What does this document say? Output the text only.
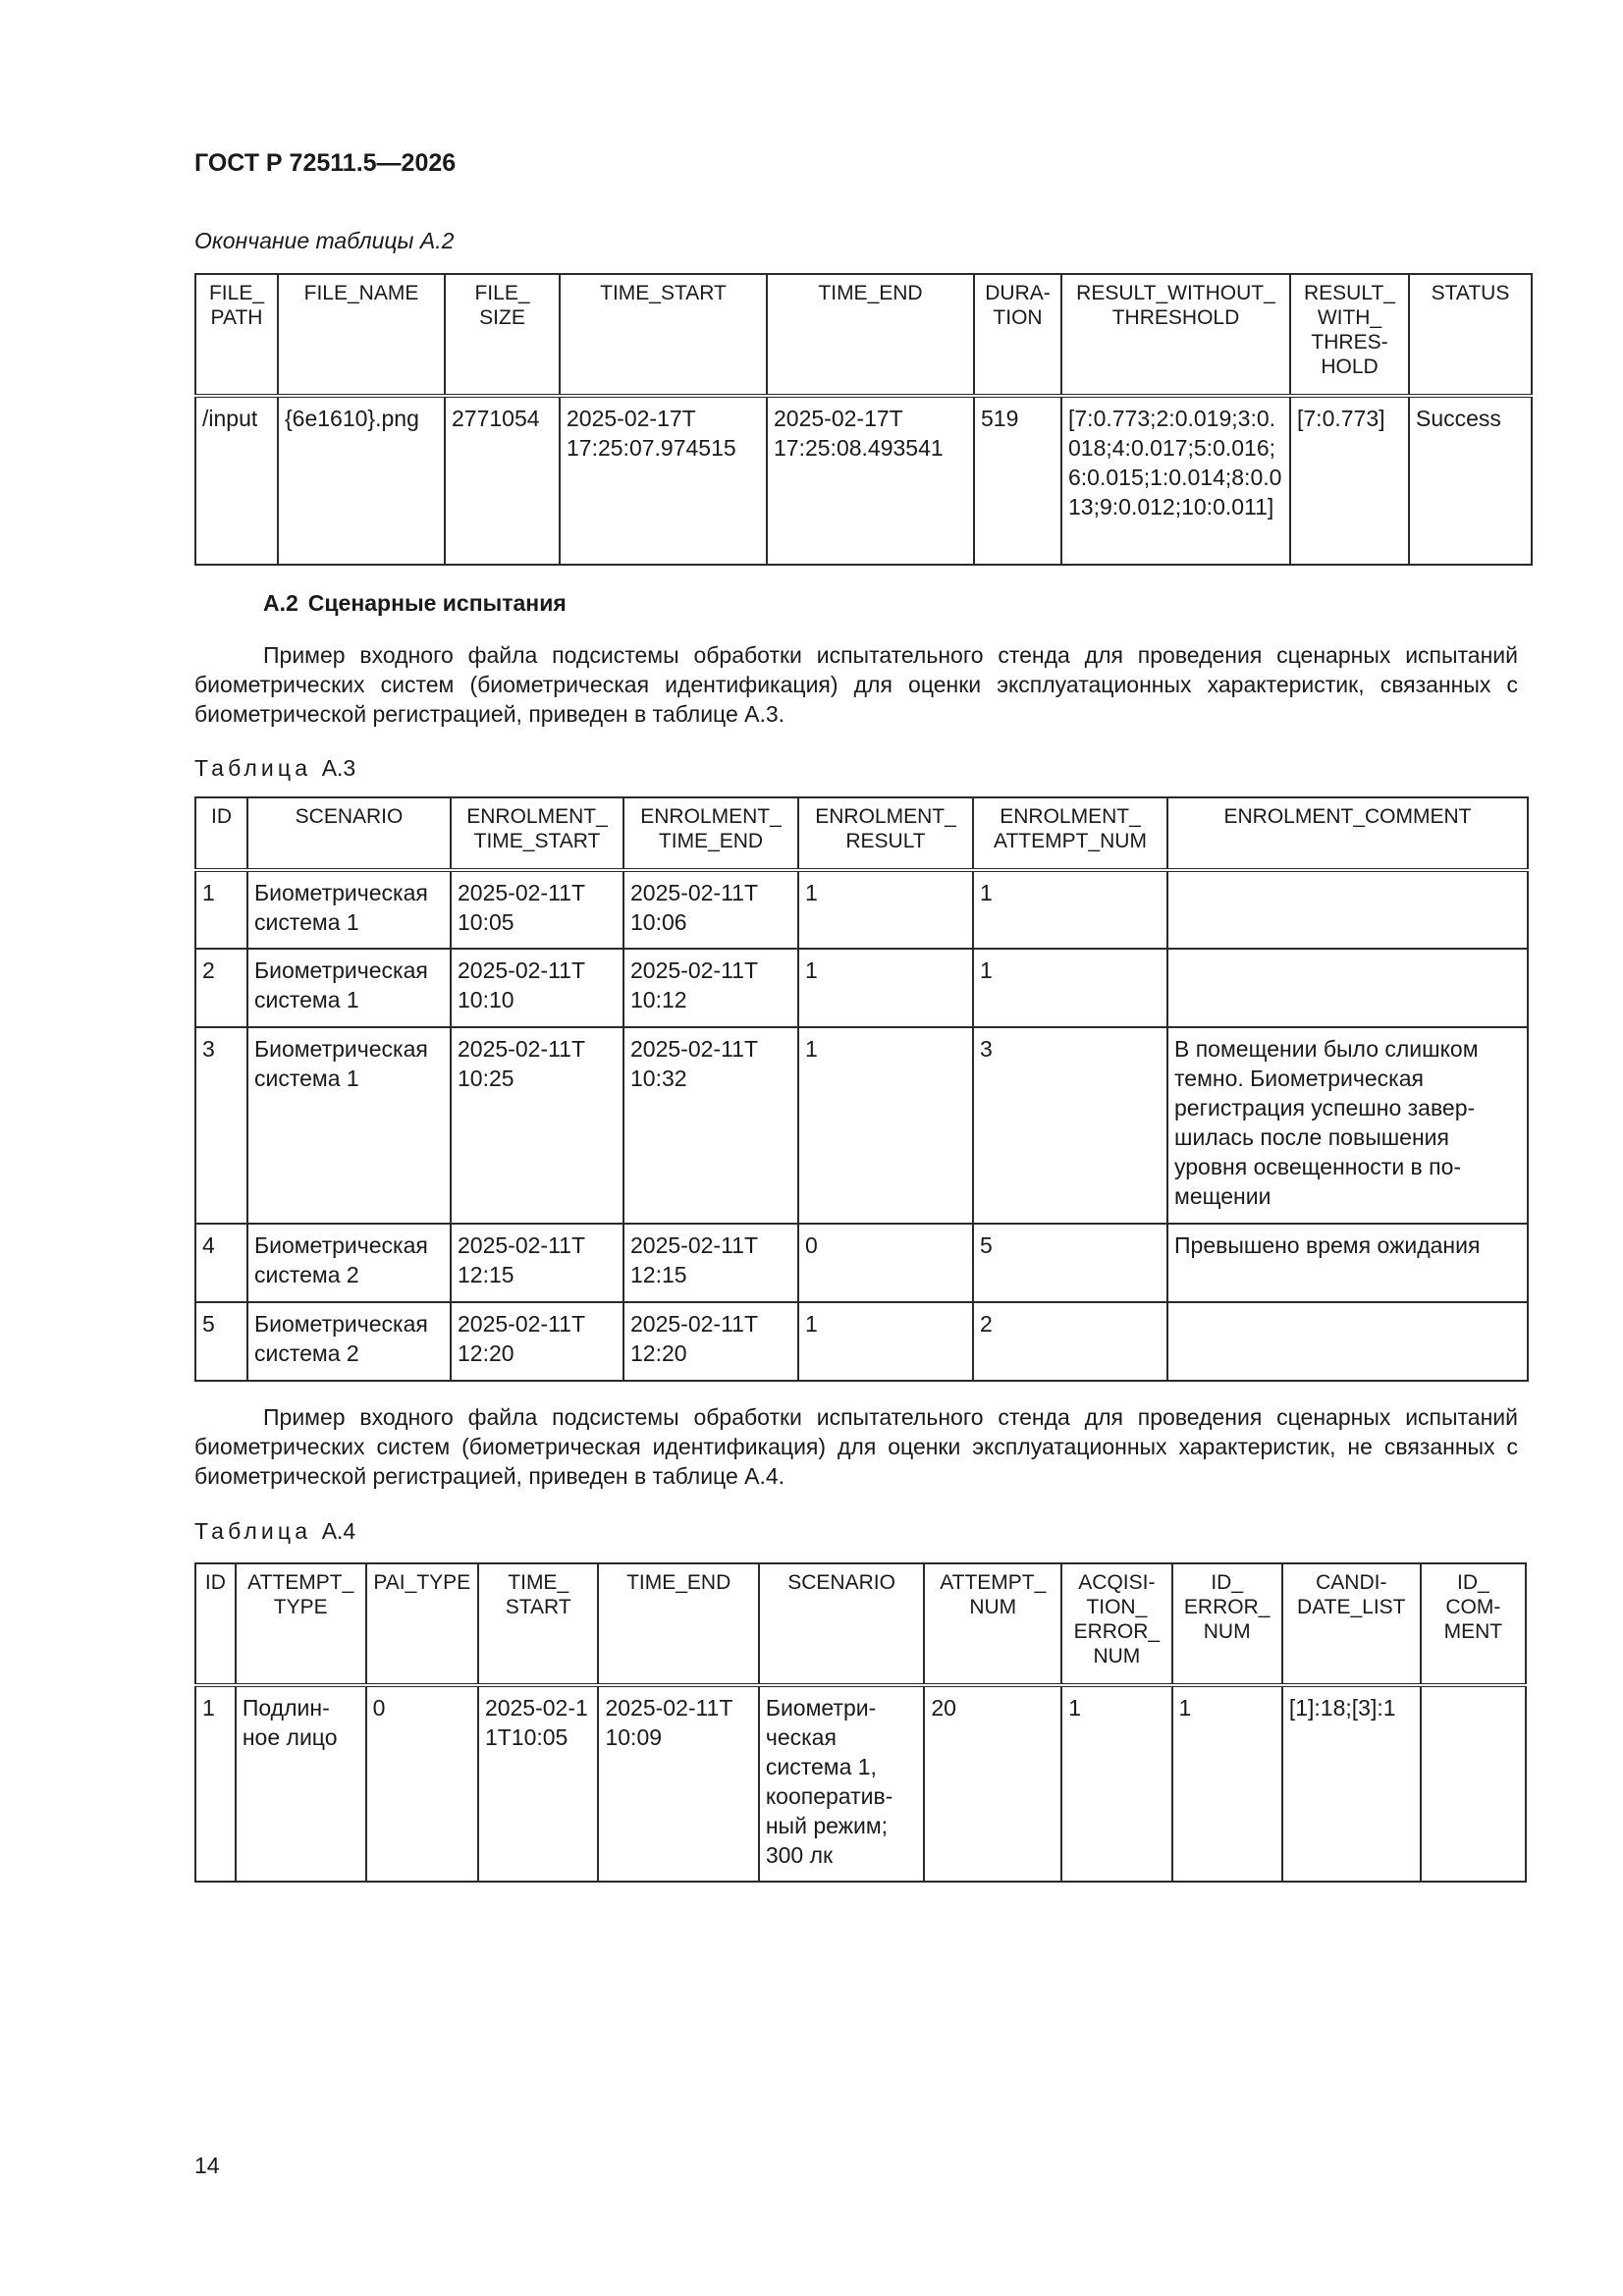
ГОСТ Р 72511.5—2026
Окончание таблицы А.2
FILE_ PATH	FILE_NAME	FILE_ SIZE	TIME_START	TIME_END	DURA- TION	RESULT_WITHOUT_ THRESHOLD	RESULT_ WITH_ THRES- HOLD	STATUS
/input	{6e1610}.png	2771054	2025-02-17T 17:25:07.974515	2025-02-17T 17:25:08.493541	519	[7:0.773;2:0.019;3:0.018;4:0.017;5:0.016;6:0.015;1:0.014;8:0.013;9:0.012;10:0.011]	[7:0.773]	Success
А.2 Сценарные испытания

Пример входного файла подсистемы обработки испытательного стенда для проведения сценарных испытаний биометрических систем (биометрическая идентификация) для оценки эксплуатационных характеристик, связанных с биометрической регистрацией, приведен в таблице А.3.

Таблица А.3
ID	SCENARIO	ENROLMENT_ TIME_START	ENROLMENT_ TIME_END	ENROLMENT_ RESULT	ENROLMENT_ ATTEMPT_NUM	ENROLMENT_COMMENT
1	Биометрическая система 1	2025-02-11T 10:05	2025-02-11T 10:06	1	1	
2	Биометрическая система 1	2025-02-11T 10:10	2025-02-11T 10:12	1	1	
3	Биометрическая система 1	2025-02-11T 10:25	2025-02-11T 10:32	1	3	В помещении было слишком темно. Биометрическая регистрация успешно завершилась после повышения уровня освещенности в помещении
4	Биометрическая система 2	2025-02-11T 12:15	2025-02-11T 12:15	0	5	Превышено время ожидания
5	Биометрическая система 2	2025-02-11T 12:20	2025-02-11T 12:20	1	2	

Пример входного файла подсистемы обработки испытательного стенда для проведения сценарных испытаний биометрических систем (биометрическая идентификация) для оценки эксплуатационных характеристик, не связанных с биометрической регистрацией, приведен в таблице А.4.

Таблица А.4
ID	ATTEMPT_ TYPE	PAI_TYPE	TIME_ START	TIME_END	SCENARIO	ATTEMPT_ NUM	ACQISI- TION_ ERROR_ NUM	ID_ ERROR_ NUM	CANDI- DATE_LIST	ID_ COM- MENT
1	Подлинное лицо	0	2025-02-11T10:05	2025-02-11T 10:09	Биометрическая система 1, кооперативный режим; 300 лк	20	1	1	[1]:18;[3]:1	
14
